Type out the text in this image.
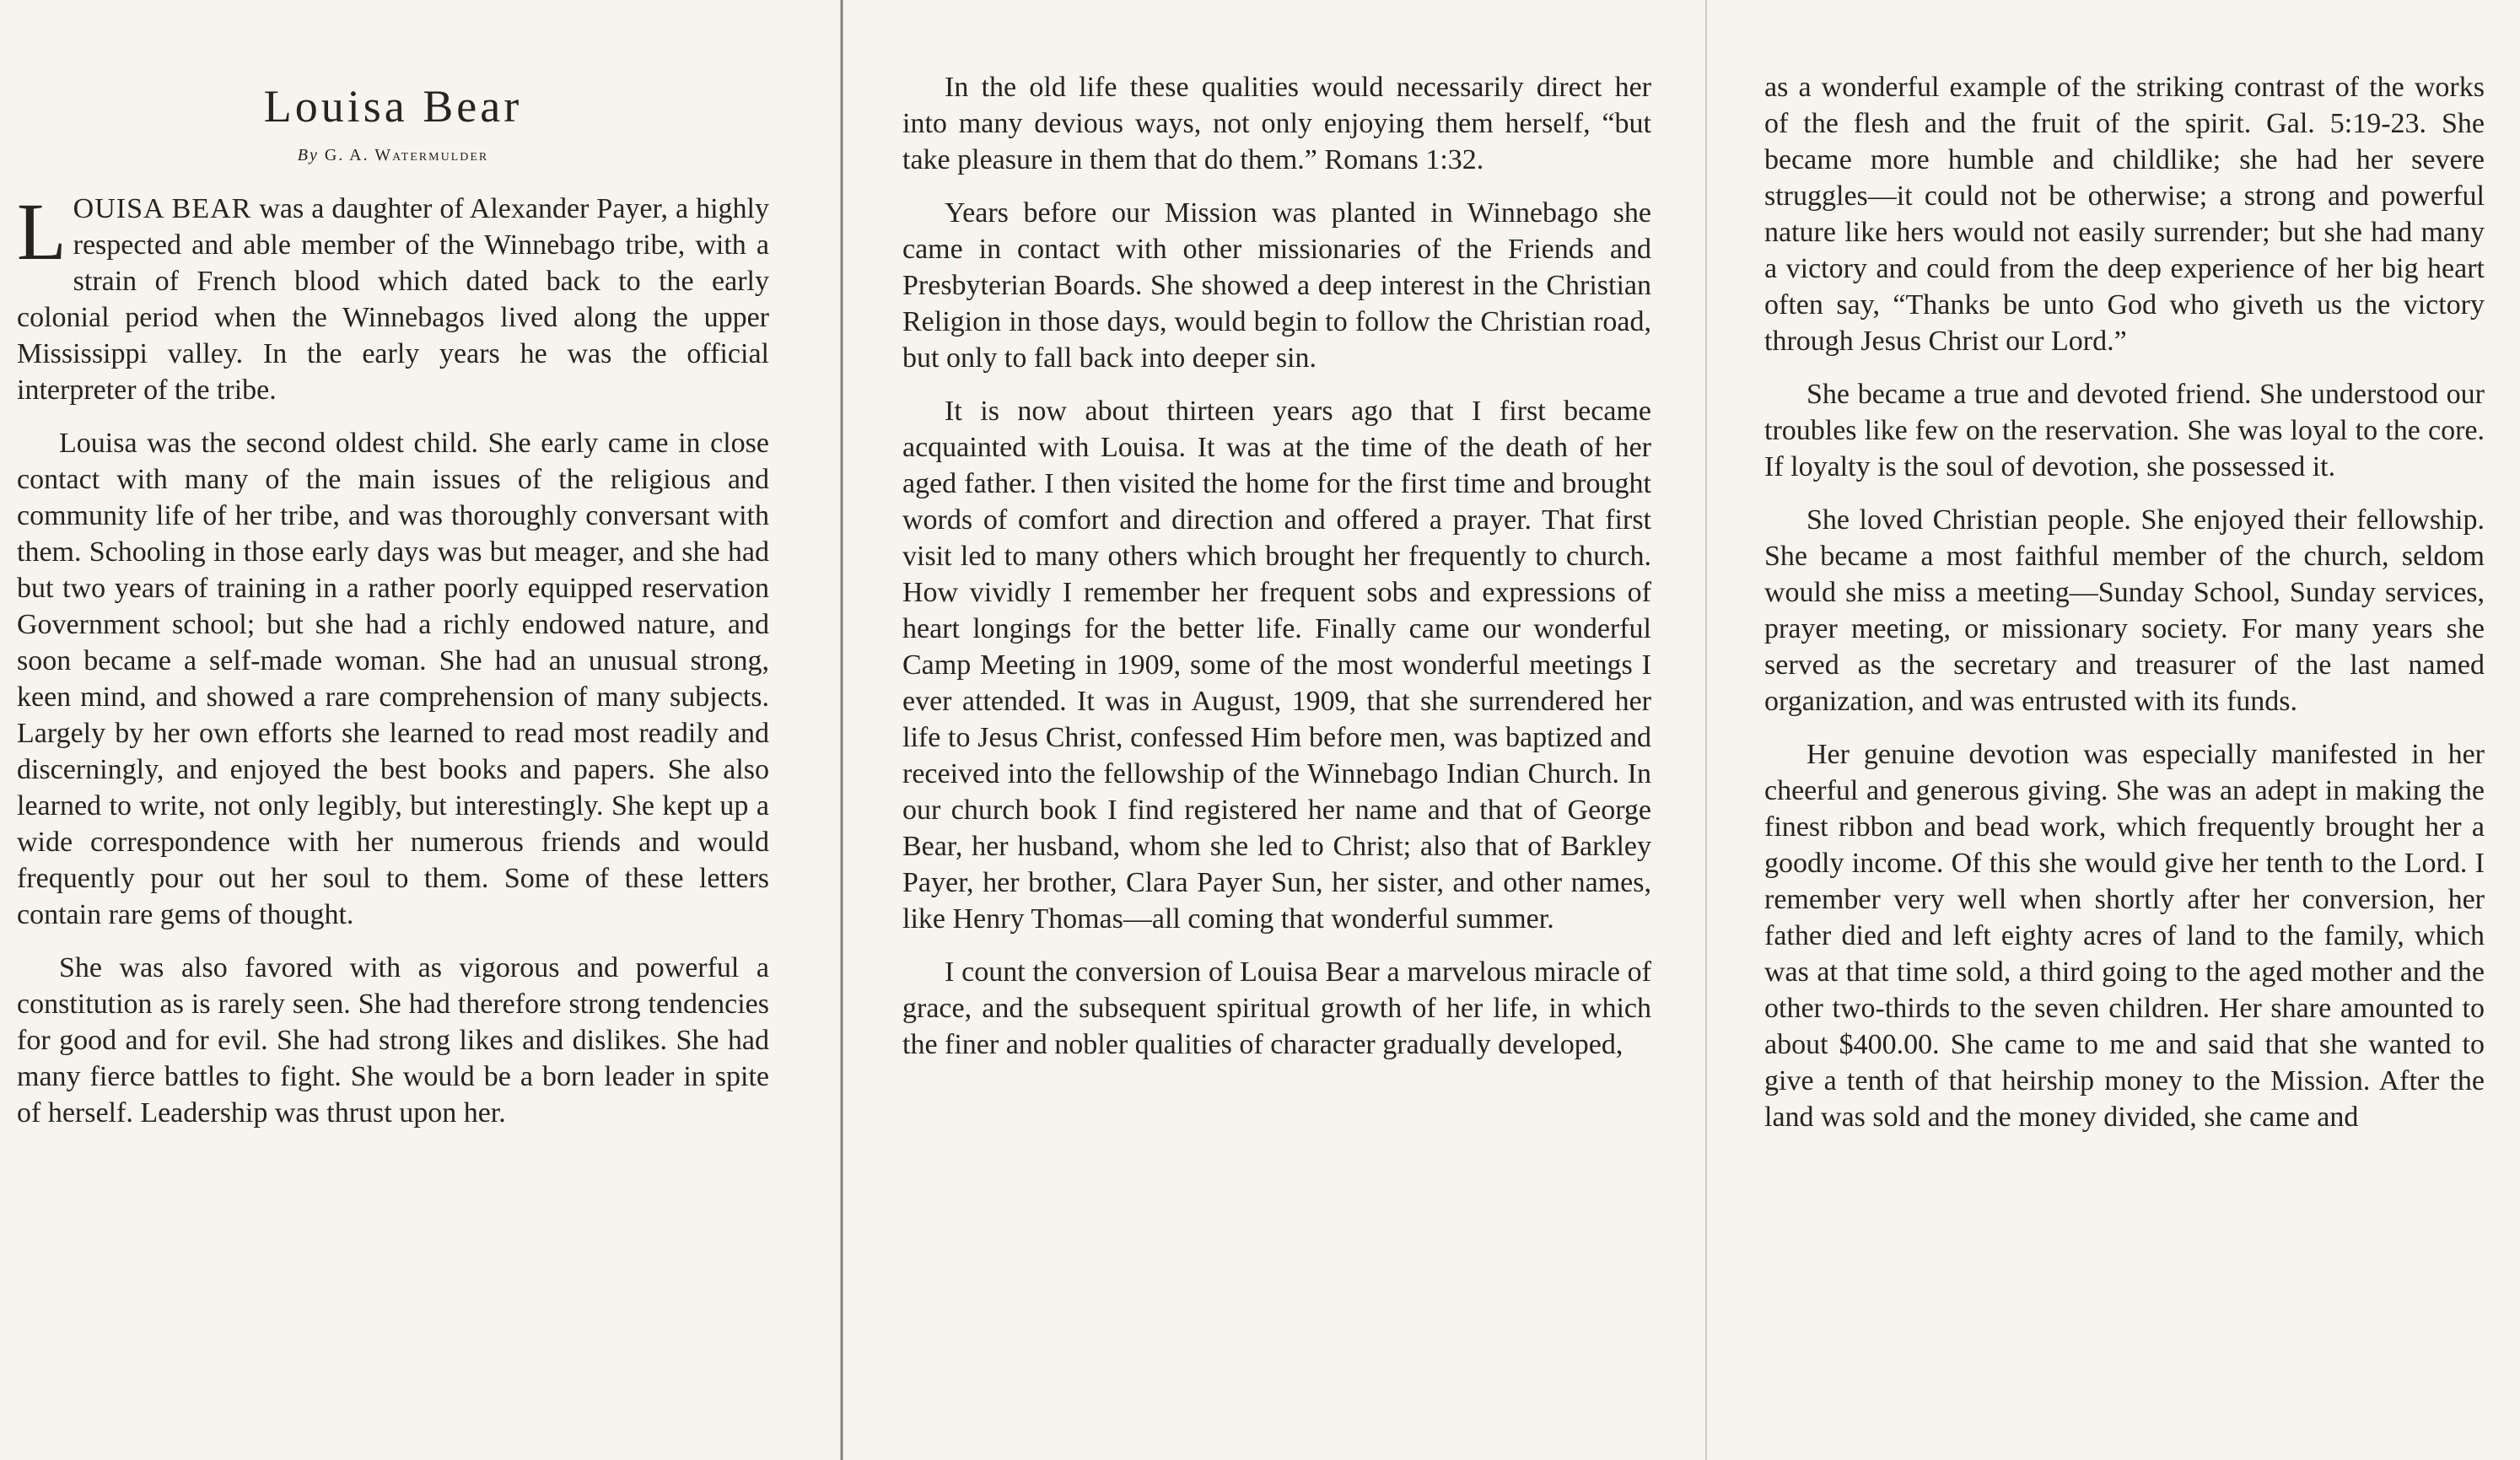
Louisa Bear
By G. A. Watermulder

LOUISA BEAR was a daughter of Alexander Payer, a highly respected and able member of the Winnebago tribe, with a strain of French blood which dated back to the early colonial period when the Winnebagos lived along the upper Mississippi valley. In the early years he was the official interpreter of the tribe.

Louisa was the second oldest child. She early came in close contact with many of the main issues of the religious and community life of her tribe, and was thoroughly conversant with them. Schooling in those early days was but meager, and she had but two years of training in a rather poorly equipped reservation Government school; but she had a richly endowed nature, and soon became a self-made woman. She had an unusual strong, keen mind, and showed a rare comprehension of many subjects. Largely by her own efforts she learned to read most readily and discerningly, and enjoyed the best books and papers. She also learned to write, not only legibly, but interestingly. She kept up a wide correspondence with her numerous friends and would frequently pour out her soul to them. Some of these letters contain rare gems of thought.

She was also favored with as vigorous and powerful a constitution as is rarely seen. She had therefore strong tendencies for good and for evil. She had strong likes and dislikes. She had many fierce battles to fight. She would be a born leader in spite of herself. Leadership was thrust upon her.

In the old life these qualities would necessarily direct her into many devious ways, not only enjoying them herself, “but take pleasure in them that do them.” Romans 1:32.

Years before our Mission was planted in Winnebago she came in contact with other missionaries of the Friends and Presbyterian Boards. She showed a deep interest in the Christian Religion in those days, would begin to follow the Christian road, but only to fall back into deeper sin.

It is now about thirteen years ago that I first became acquainted with Louisa. It was at the time of the death of her aged father. I then visited the home for the first time and brought words of comfort and direction and offered a prayer. That first visit led to many others which brought her frequently to church. How vividly I remember her frequent sobs and expressions of heart longings for the better life. Finally came our wonderful Camp Meeting in 1909, some of the most wonderful meetings I ever attended. It was in August, 1909, that she surrendered her life to Jesus Christ, confessed Him before men, was baptized and received into the fellowship of the Winnebago Indian Church. In our church book I find registered her name and that of George Bear, her husband, whom she led to Christ; also that of Barkley Payer, her brother, Clara Payer Sun, her sister, and other names, like Henry Thomas—all coming that wonderful summer.

I count the conversion of Louisa Bear a marvelous miracle of grace, and the subsequent spiritual growth of her life, in which the finer and nobler qualities of character gradually developed,

as a wonderful example of the striking contrast of the works of the flesh and the fruit of the spirit. Gal. 5:19-23. She became more humble and childlike; she had her severe struggles—it could not be otherwise; a strong and powerful nature like hers would not easily surrender; but she had many a victory and could from the deep experience of her big heart often say, “Thanks be unto God who giveth us the victory through Jesus Christ our Lord.”

She became a true and devoted friend. She understood our troubles like few on the reservation. She was loyal to the core. If loyalty is the soul of devotion, she possessed it.

She loved Christian people. She enjoyed their fellowship. She became a most faithful member of the church, seldom would she miss a meeting—Sunday School, Sunday services, prayer meeting, or missionary society. For many years she served as the secretary and treasurer of the last named organization, and was entrusted with its funds.

Her genuine devotion was especially manifested in her cheerful and generous giving. She was an adept in making the finest ribbon and bead work, which frequently brought her a goodly income. Of this she would give her tenth to the Lord. I remember very well when shortly after her conversion, her father died and left eighty acres of land to the family, which was at that time sold, a third going to the aged mother and the other two-thirds to the seven children. Her share amounted to about $400.00. She came to me and said that she wanted to give a tenth of that heirship money to the Mission. After the land was sold and the money divided, she came and
